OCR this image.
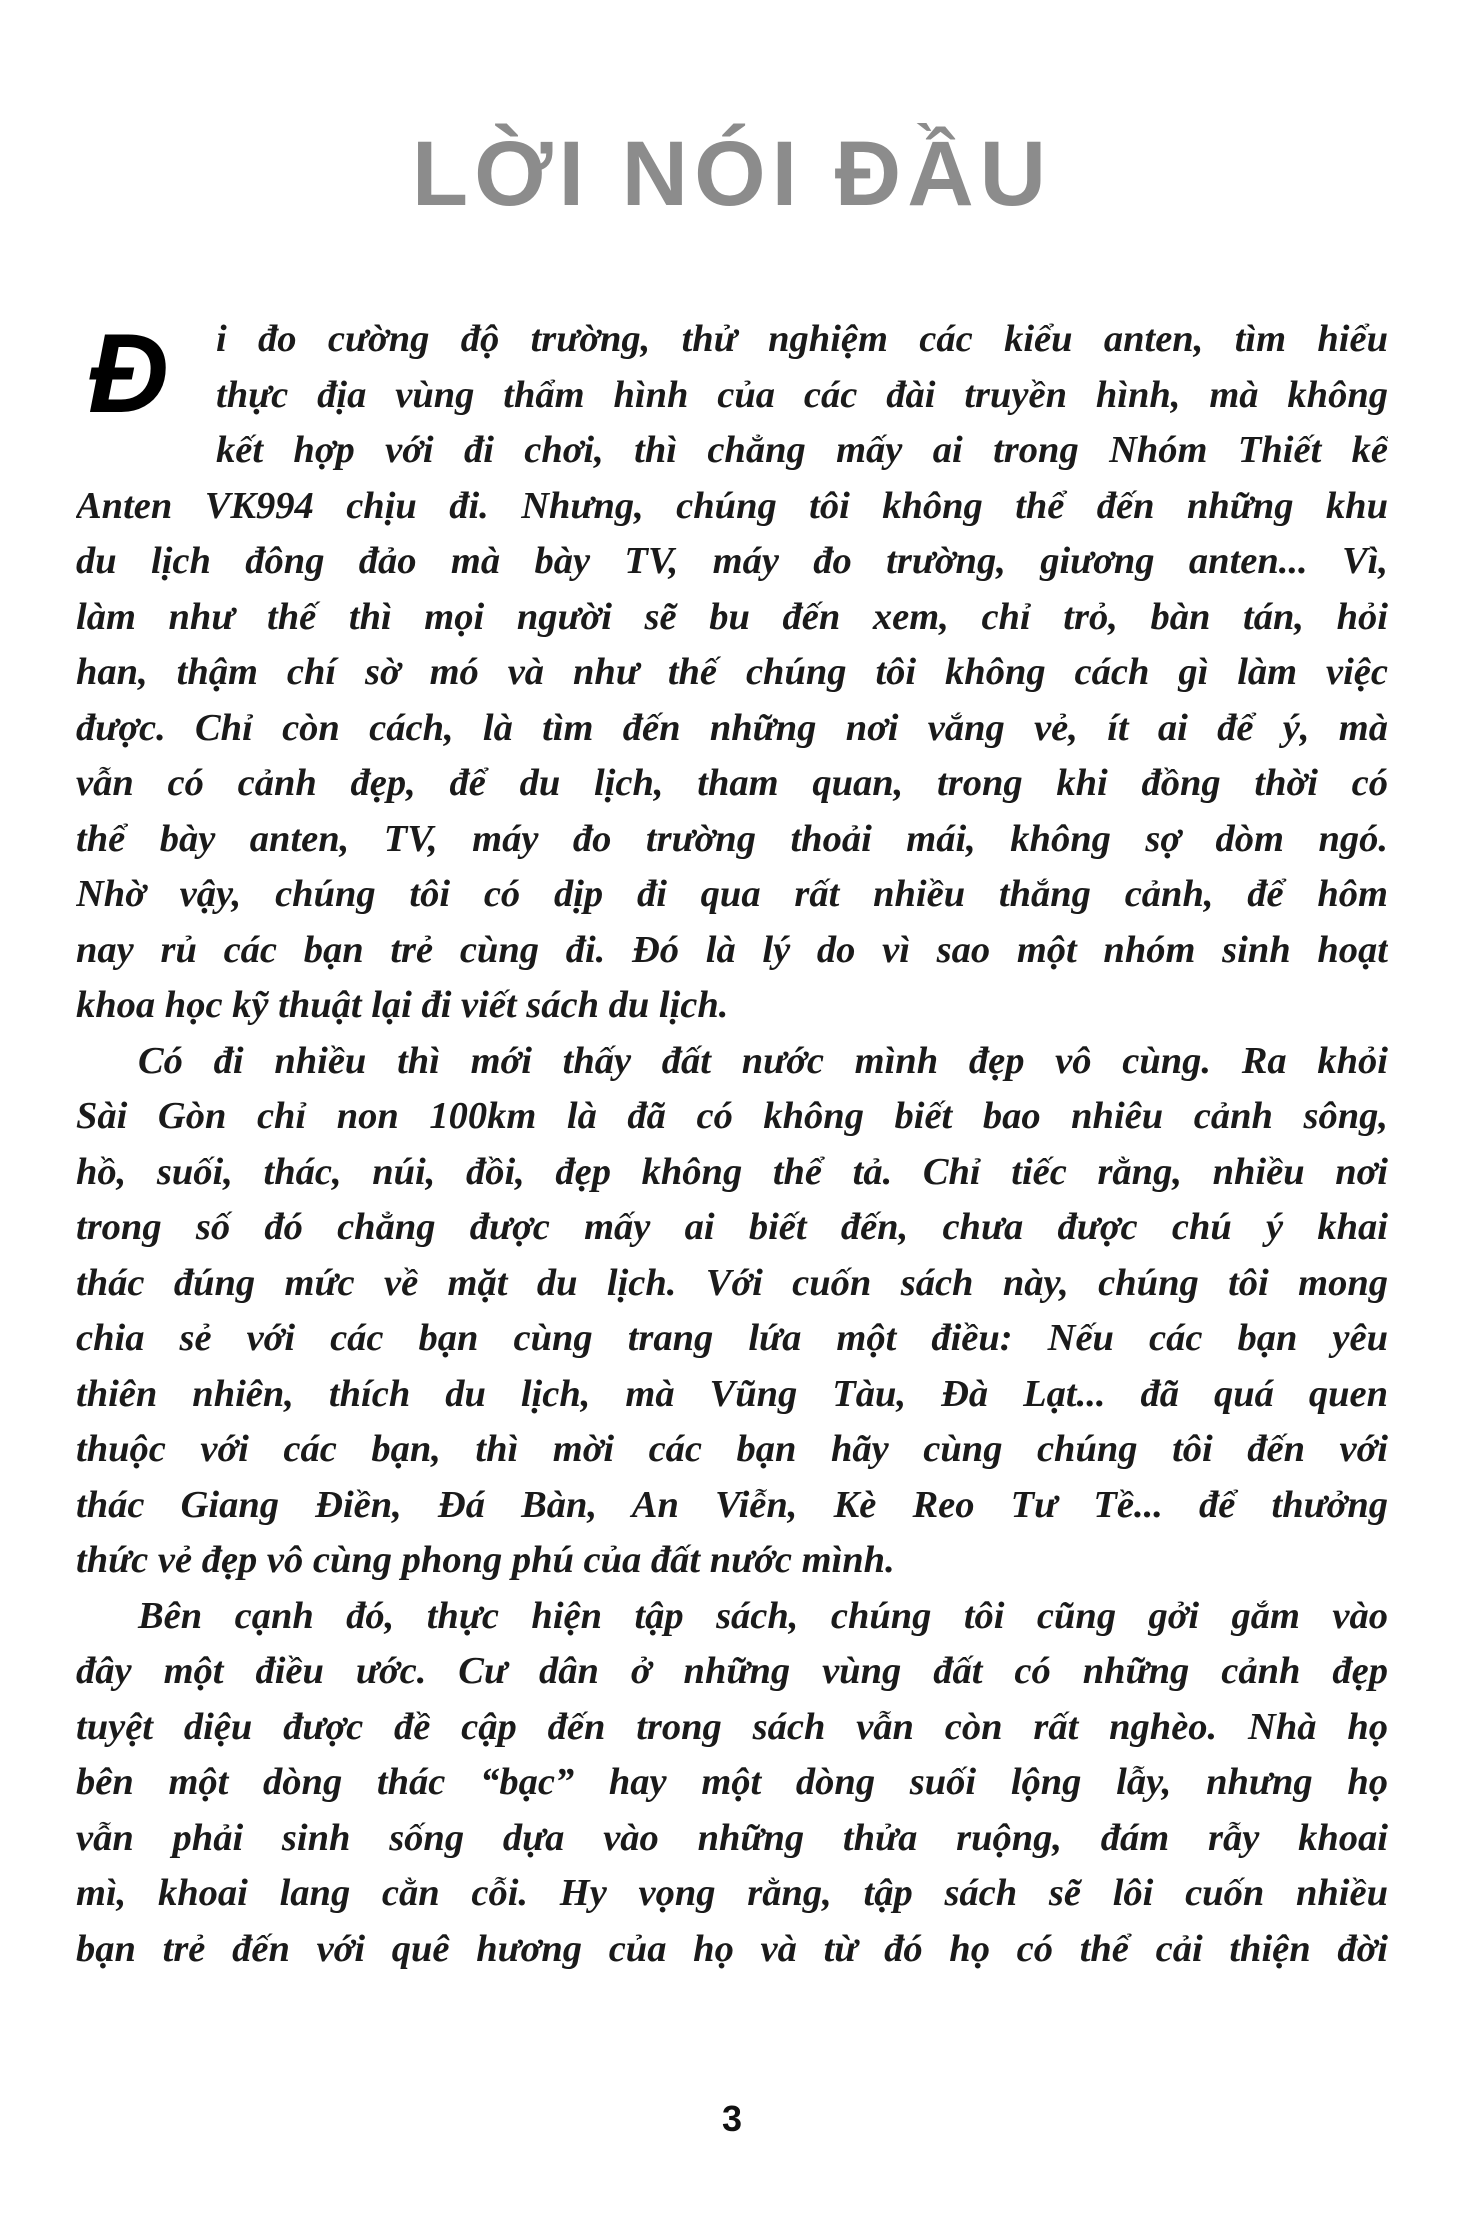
LỜI NÓI ĐẦU
Đ	i đo cường độ trường, thử nghiệm các kiểu anten, tìm hiểu
thực địa vùng thẩm hình của các đài truyền hình, mà không
kết hợp với đi chơi, thì chẳng mấy ai trong Nhóm Thiết kế
Anten VK994 chịu đi. Nhưng, chúng tôi không thể đến những khu
du lịch đông đảo mà bày TV, máy đo trường, giương anten... Vì,
làm như thế thì mọi người sẽ bu đến xem, chỉ trỏ, bàn tán, hỏi
han, thậm chí sờ mó và như thế chúng tôi không cách gì làm việc
được. Chỉ còn cách, là tìm đến những nơi vắng vẻ, ít ai để ý, mà
vẫn có cảnh đẹp, để du lịch, tham quan, trong khi đồng thời có
thể bày anten, TV, máy đo trường thoải mái, không sợ dòm ngó.
Nhờ vậy, chúng tôi có dịp đi qua rất nhiều thắng cảnh, để hôm
nay rủ các bạn trẻ cùng đi. Đó là lý do vì sao một nhóm sinh hoạt
khoa học kỹ thuật lại đi viết sách du lịch.
Có đi nhiều thì mới thấy đất nước mình đẹp vô cùng. Ra khỏi
Sài Gòn chỉ non 100km là đã có không biết bao nhiêu cảnh sông,
hồ, suối, thác, núi, đồi, đẹp không thể tả. Chỉ tiếc rằng, nhiều nơi
trong số đó chẳng được mấy ai biết đến, chưa được chú ý khai
thác đúng mức về mặt du lịch. Với cuốn sách này, chúng tôi mong
chia sẻ với các bạn cùng trang lứa một điều: Nếu các bạn yêu
thiên nhiên, thích du lịch, mà Vũng Tàu, Đà Lạt... đã quá quen
thuộc với các bạn, thì mời các bạn hãy cùng chúng tôi đến với
thác Giang Điền, Đá Bàn, An Viễn, Kè Reo Tư Tề... để thưởng
thức vẻ đẹp vô cùng phong phú của đất nước mình.
Bên cạnh đó, thực hiện tập sách, chúng tôi cũng gởi gắm vào
đây một điều ước. Cư dân ở những vùng đất có những cảnh đẹp
tuyệt diệu được đề cập đến trong sách vẫn còn rất nghèo. Nhà họ
bên một dòng thác “bạc” hay một dòng suối lộng lẫy, nhưng họ
vẫn phải sinh sống dựa vào những thửa ruộng, đám rẫy khoai
mì, khoai lang cằn cỗi. Hy vọng rằng, tập sách sẽ lôi cuốn nhiều
bạn trẻ đến với quê hương của họ và từ đó họ có thể cải thiện đời
3
